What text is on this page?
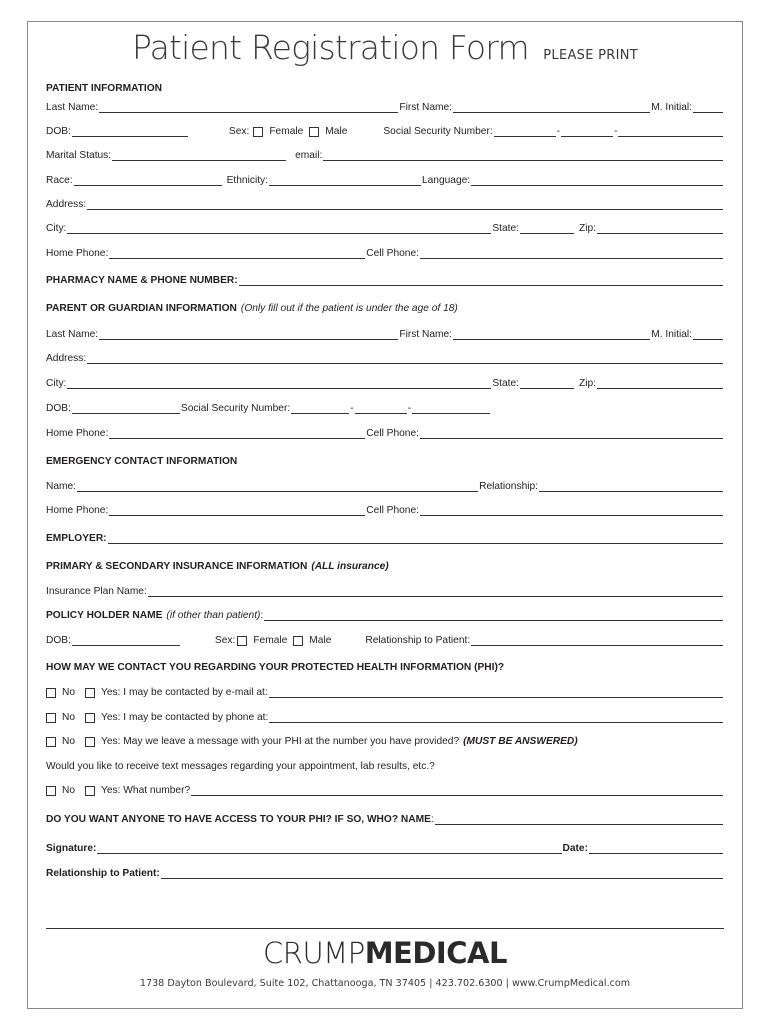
Patient Registration Form PLEASE PRINT
PATIENT INFORMATION
Last Name:	First Name:	M. Initial:
DOB:	Sex: Female Male	Social Security Number:	-	-
Marital Status:	email:
Race:	Ethnicity:	Language:
Address:
City:	State:	Zip:
Home Phone:	Cell Phone:
PHARMACY NAME & PHONE NUMBER:
PARENT OR GUARDIAN INFORMATION (Only fill out if the patient is under the age of 18)
Last Name:	First Name:	M. Initial:
Address:
City:	State:	Zip:
DOB:	Social Security Number:	-	-
Home Phone:	Cell Phone:
EMERGENCY CONTACT INFORMATION
Name:	Relationship:
Home Phone:	Cell Phone:
EMPLOYER:
PRIMARY & SECONDARY INSURANCE INFORMATION (ALL insurance)
Insurance Plan Name:
POLICY HOLDER NAME (if other than patient) :
DOB:	Sex: Female Male	Relationship to Patient:
HOW MAY WE CONTACT YOU REGARDING YOUR PROTECTED HEALTH INFORMATION (PHI)?
No	Yes: I may be contacted by e-mail at:
No	Yes: I may be contacted by phone at:
No	Yes: May we leave a message with your PHI at the number you have provided? (MUST BE ANSWERED)
Would you like to receive text messages regarding your appointment, lab results, etc.?
No	Yes: What number?
DO YOU WANT ANYONE TO HAVE ACCESS TO YOUR PHI? IF SO, WHO? NAME :
Signature:	Date:
Relationship to Patient:
CRUMPMEDICAL
1738 Dayton Boulevard, Suite 102, Chattanooga, TN 37405 | 423.702.6300 | www.CrumpMedical.com
